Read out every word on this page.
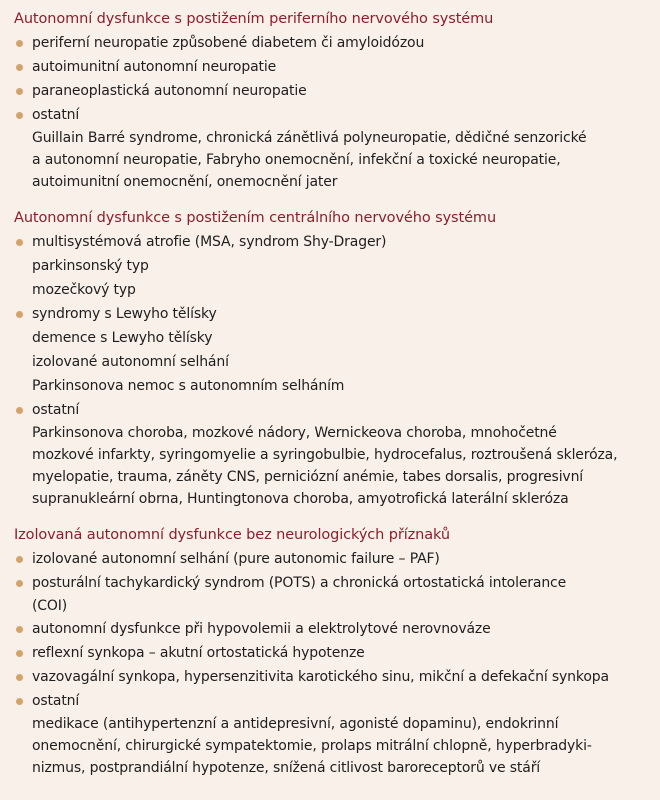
Autonomní dysfunkce s postižením periferního nervového systému
periferní neuropatie způsobené diabetem či amyloidózou
autoimunitní autonomní neuropatie
paraneoplastická autonomní neuropatie
ostatní
Guillain Barré syndrome, chronická zánětlivá polyneuropatie, dědičné senzorické
a autonomní neuropatie, Fabryho onemocnění, infekční a toxické neuropatie,
autoimunitní onemocnění, onemocnění jater
Autonomní dysfunkce s postižením centrálního nervového systému
multisystémová atrofie (MSA, syndrom Shy-Drager)
parkinsonský typ
mozečkový typ
syndromy s Lewyho tělísky
demence s Lewyho tělísky
izolované autonomní selhání
Parkinsonova nemoc s autonomním selháním
ostatní
Parkinsonova choroba, mozkové nádory, Wernickeova choroba, mnohočetné
mozkové infarkty, syringomyelie a syringobulbie, hydrocefalus, roztroušená skleróza,
myelopatie, trauma, záněty CNS, perniciózní anémie, tabes dorsalis, progresivní
supranukleární obrna, Huntingtonova choroba, amyotrofická laterální skleróza
Izolovaná autonomní dysfunkce bez neurologických příznaků
izolované autonomní selhání (pure autonomic failure – PAF)
posturální tachykardický syndrom (POTS) a chronická ortostatická intolerance
(COI)
autonomní dysfunkce při hypovolemii a elektrolytové nerovnováze
reflexní synkopa – akutní ortostatická hypotenze
vazovagální synkopa, hypersenzitivita karotického sinu, mikční a defekační synkopa
ostatní
medikace (antihypertenzní a antidepresivní, agonisté dopaminu), endokrinní
onemocnění, chirurgické sympatektomie, prolaps mitrální chlopně, hyperbradyki-
nizmus, postprandiální hypotenze, snížená citlivost baroreceptorů ve stáří
